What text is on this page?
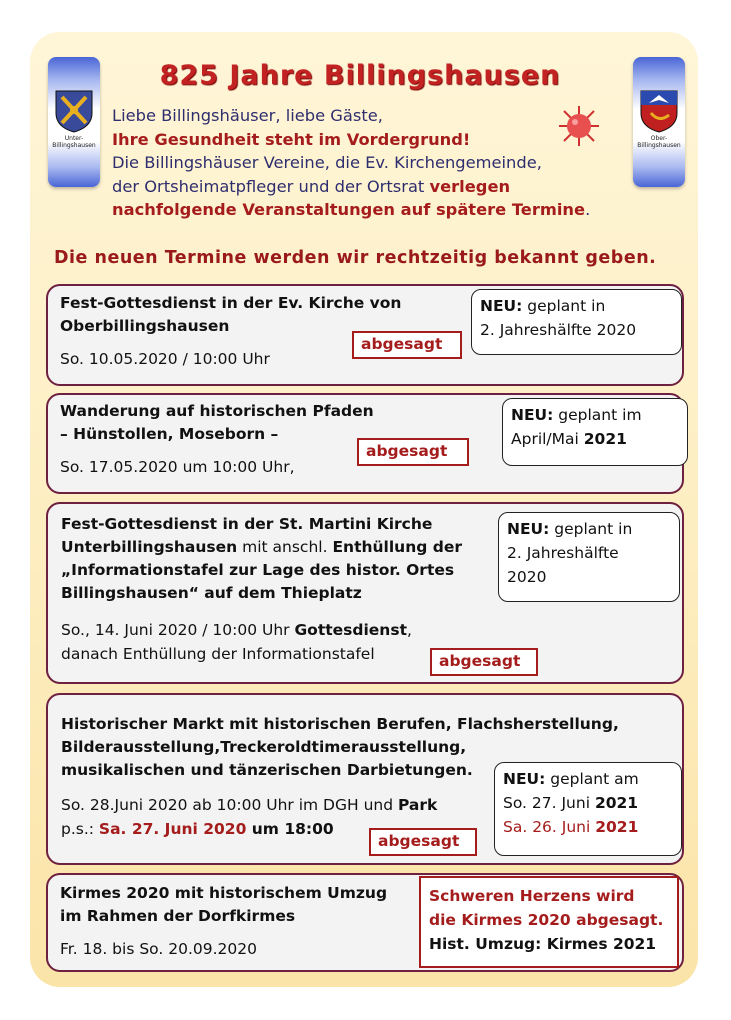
Unter-
Billingshausen
Ober-
Billingshausen
825 Jahre Billingshausen
Liebe Billingshäuser, liebe Gäste,
Ihre Gesundheit steht im Vordergrund!
Die Billingshäuser Vereine, die Ev. Kirchengemeinde,
der Ortsheimatpfleger und der Ortsrat verlegen
nachfolgende Veranstaltungen auf spätere Termine.
Die neuen Termine werden wir rechtzeitig bekannt geben.
Fest-Gottesdienst in der Ev. Kirche von
Oberbillingshausen
So. 10.05.2020 / 10:00 Uhr
abgesagt
NEU: geplant in
2. Jahreshälfte 2020
Wanderung auf historischen Pfaden
– Hünstollen, Moseborn –
So. 17.05.2020 um 10:00 Uhr,
abgesagt
NEU: geplant im
April/Mai 2021
Fest-Gottesdienst in der St. Martini Kirche
Unterbillingshausen mit anschl. Enthüllung der
„Informationstafel zur Lage des histor. Ortes
Billingshausen“ auf dem Thieplatz
So., 14. Juni 2020 / 10:00 Uhr Gottesdienst,
danach Enthüllung der Informationstafel	abgesagt
NEU: geplant in
2. Jahreshälfte
2020
Historischer Markt mit historischen Berufen, Flachsherstellung,
Bilderausstellung,Treckeroldtimerausstellung,
musikalischen und tänzerischen Darbietungen.
So. 28.Juni 2020 ab 10:00 Uhr im DGH und Park
p.s.: Sa. 27. Juni 2020 um 18:00
abgesagt
NEU: geplant am
So. 27. Juni 2021
Sa. 26. Juni 2021
Kirmes 2020 mit historischem Umzug
im Rahmen der Dorfkirmes
Fr. 18. bis So. 20.09.2020
Schweren Herzens wird
die Kirmes 2020 abgesagt.
Hist. Umzug: Kirmes 2021
